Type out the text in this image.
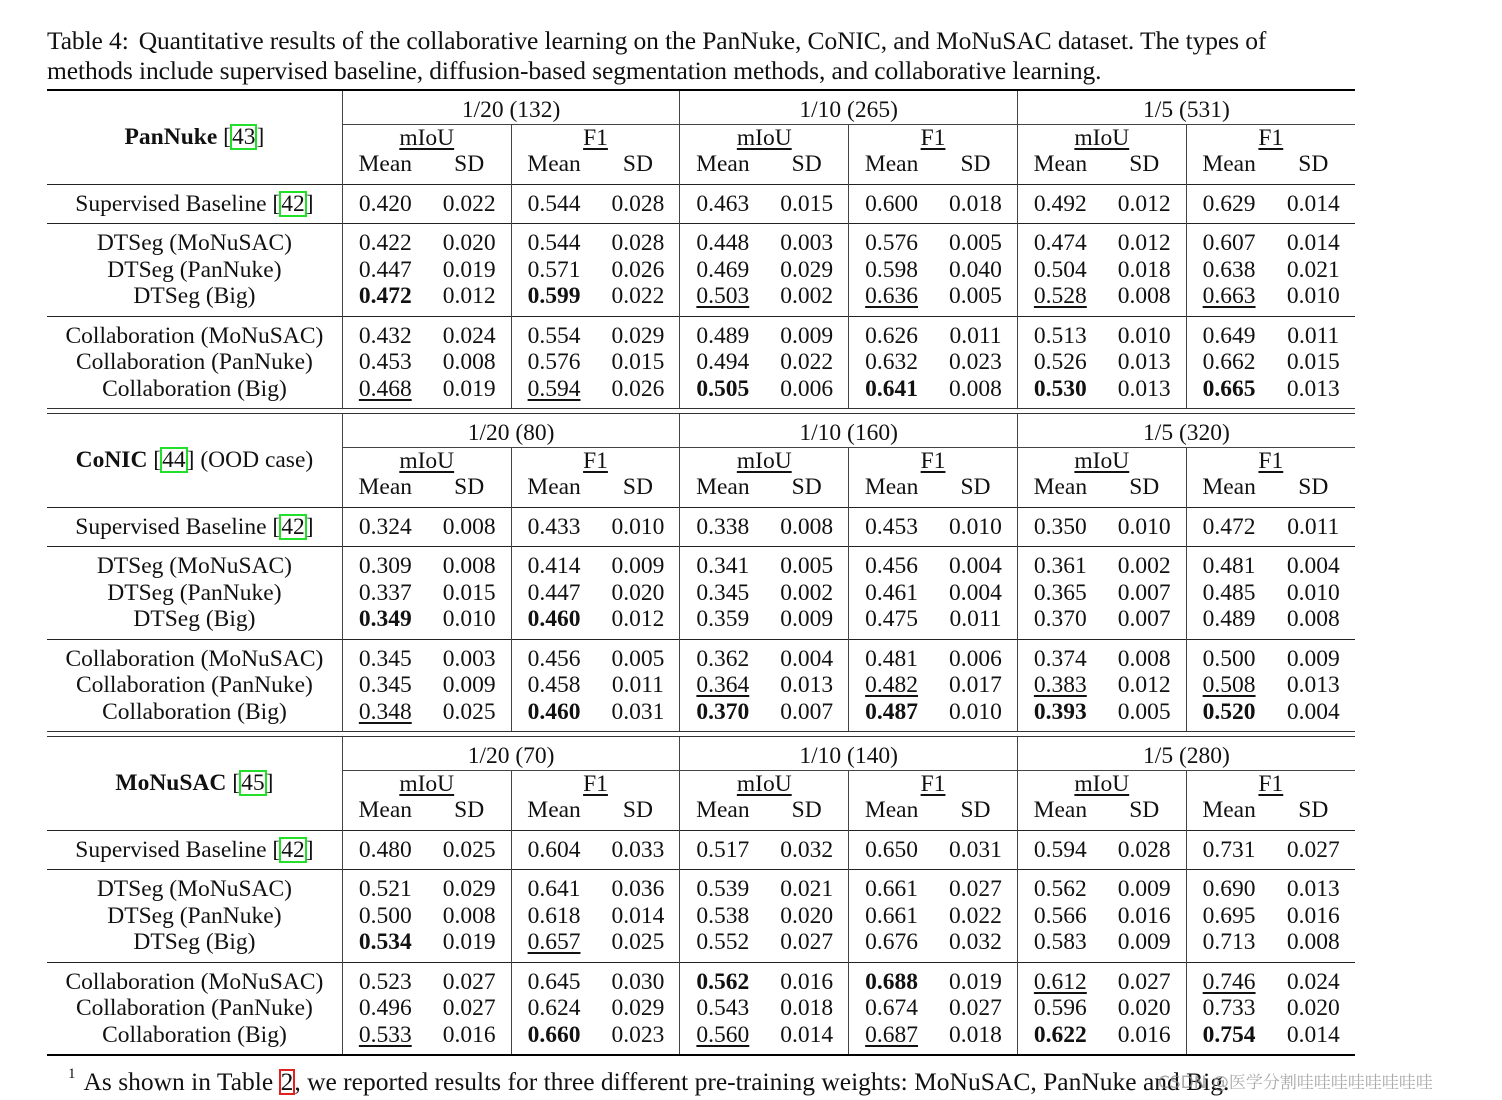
Table 4: Quantitative results of the collaborative learning on the PanNuke, CoNIC, and MoNuSAC dataset. The types of methods include supervised baseline, diffusion-based segmentation methods, and collaborative learning.

PanNuke [43]	1/20 (132)				1/10 (265)				1/5 (531)			
	mIoU		F1		mIoU		F1		mIoU		F1	
	Mean	SD	Mean	SD	Mean	SD	Mean	SD	Mean	SD	Mean	SD

Supervised Baseline [42]	0.420	0.022	0.544	0.028	0.463	0.015	0.600	0.018	0.492	0.012	0.629	0.014

DTSeg (MoNuSAC)	0.422	0.020	0.544	0.028	0.448	0.003	0.576	0.005	0.474	0.012	0.607	0.014
DTSeg (PanNuke)	0.447	0.019	0.571	0.026	0.469	0.029	0.598	0.040	0.504	0.018	0.638	0.021
DTSeg (Big)	0.472	0.012	0.599	0.022	0.503	0.002	0.636	0.005	0.528	0.008	0.663	0.010

Collaboration (MoNuSAC)	0.432	0.024	0.554	0.029	0.489	0.009	0.626	0.011	0.513	0.010	0.649	0.011
Collaboration (PanNuke)	0.453	0.008	0.576	0.015	0.494	0.022	0.632	0.023	0.526	0.013	0.662	0.015
Collaboration (Big)	0.468	0.019	0.594	0.026	0.505	0.006	0.641	0.008	0.530	0.013	0.665	0.013

CoNIC [44] (OOD case)	1/20 (80)				1/10 (160)				1/5 (320)			
	mIoU		F1		mIoU		F1		mIoU		F1	
	Mean	SD	Mean	SD	Mean	SD	Mean	SD	Mean	SD	Mean	SD

Supervised Baseline [42]	0.324	0.008	0.433	0.010	0.338	0.008	0.453	0.010	0.350	0.010	0.472	0.011

DTSeg (MoNuSAC)	0.309	0.008	0.414	0.009	0.341	0.005	0.456	0.004	0.361	0.002	0.481	0.004
DTSeg (PanNuke)	0.337	0.015	0.447	0.020	0.345	0.002	0.461	0.004	0.365	0.007	0.485	0.010
DTSeg (Big)	0.349	0.010	0.460	0.012	0.359	0.009	0.475	0.011	0.370	0.007	0.489	0.008

Collaboration (MoNuSAC)	0.345	0.003	0.456	0.005	0.362	0.004	0.481	0.006	0.374	0.008	0.500	0.009
Collaboration (PanNuke)	0.345	0.009	0.458	0.011	0.364	0.013	0.482	0.017	0.383	0.012	0.508	0.013
Collaboration (Big)	0.348	0.025	0.460	0.031	0.370	0.007	0.487	0.010	0.393	0.005	0.520	0.004

MoNuSAC [45]	1/20 (70)				1/10 (140)				1/5 (280)			
	mIoU		F1		mIoU		F1		mIoU		F1	
	Mean	SD	Mean	SD	Mean	SD	Mean	SD	Mean	SD	Mean	SD

Supervised Baseline [42]	0.480	0.025	0.604	0.033	0.517	0.032	0.650	0.031	0.594	0.028	0.731	0.027

DTSeg (MoNuSAC)	0.521	0.029	0.641	0.036	0.539	0.021	0.661	0.027	0.562	0.009	0.690	0.013
DTSeg (PanNuke)	0.500	0.008	0.618	0.014	0.538	0.020	0.661	0.022	0.566	0.016	0.695	0.016
DTSeg (Big)	0.534	0.019	0.657	0.025	0.552	0.027	0.676	0.032	0.583	0.009	0.713	0.008

Collaboration (MoNuSAC)	0.523	0.027	0.645	0.030	0.562	0.016	0.688	0.019	0.612	0.027	0.746	0.024
Collaboration (PanNuke)	0.496	0.027	0.624	0.029	0.543	0.018	0.674	0.027	0.596	0.020	0.733	0.020
Collaboration (Big)	0.533	0.016	0.660	0.023	0.560	0.014	0.687	0.018	0.622	0.016	0.754	0.014

$^1$ As shown in Table 2, we reported results for three different pre-training weights: MoNuSAC, PanNuke and Big.
CSDN @医学分割哇哇哇哇哇哇哇哇
